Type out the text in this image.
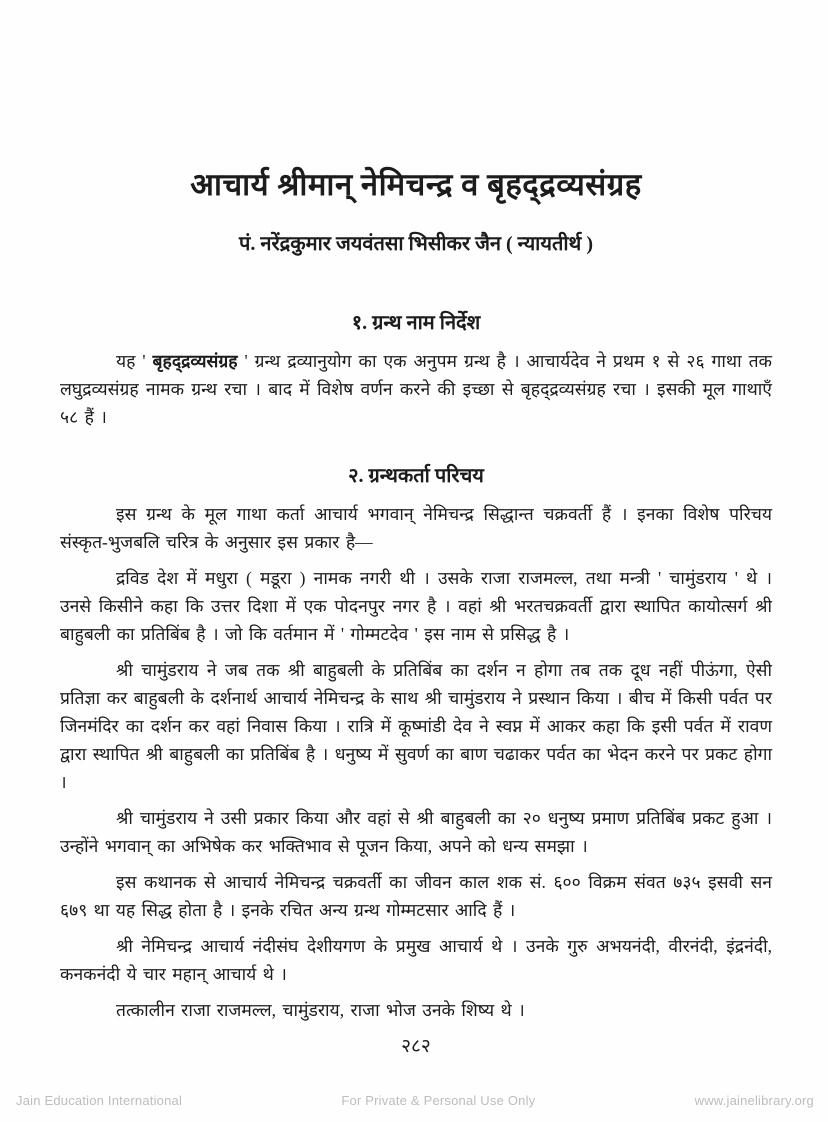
आचार्य श्रीमान् नेमिचन्द्र व बृहद्द्रव्यसंग्रह
पं. नरेंद्रकुमार जयवंतसा भिसीकर जैन ( न्यायतीर्थ )
१. ग्रन्थ नाम निर्देश

यह ' बृहद्द्रव्यसंग्रह ' ग्रन्थ द्रव्यानुयोग का एक अनुपम ग्रन्थ है । आचार्यदेव ने प्रथम १ से २६ गाथा तक लघुद्रव्यसंग्रह नामक ग्रन्थ रचा । बाद में विशेष वर्णन करने की इच्छा से बृहद्द्रव्यसंग्रह रचा । इसकी मूल गाथाएँ ५८ हैं ।

२. ग्रन्थकर्ता परिचय

इस ग्रन्थ के मूल गाथा कर्ता आचार्य भगवान् नेमिचन्द्र सिद्धान्त चक्रवर्ती हैं । इनका विशेष परिचय संस्कृत-भुजबलि चरित्र के अनुसार इस प्रकार है—

द्रविड देश में मधुरा ( मडूरा ) नामक नगरी थी । उसके राजा राजमल्ल, तथा मन्त्री ' चामुंडराय ' थे । उनसे किसीने कहा कि उत्तर दिशा में एक पोदनपुर नगर है । वहां श्री भरतचक्रवर्ती द्वारा स्थापित कायोत्सर्ग श्री बाहुबली का प्रतिबिंब है । जो कि वर्तमान में ' गोम्मटदेव ' इस नाम से प्रसिद्ध है ।

श्री चामुंडराय ने जब तक श्री बाहुबली के प्रतिबिंब का दर्शन न होगा तब तक दूध नहीं पीऊंगा, ऐसी प्रतिज्ञा कर बाहुबली के दर्शनार्थ आचार्य नेमिचन्द्र के साथ श्री चामुंडराय ने प्रस्थान किया । बीच में किसी पर्वत पर जिनमंदिर का दर्शन कर वहां निवास किया । रात्रि में कूष्मांडी देव ने स्वप्न में आकर कहा कि इसी पर्वत में रावण द्वारा स्थापित श्री बाहुबली का प्रतिबिंब है । धनुष्य में सुवर्ण का बाण चढाकर पर्वत का भेदन करने पर प्रकट होगा ।

श्री चामुंडराय ने उसी प्रकार किया और वहां से श्री बाहुबली का २० धनुष्य प्रमाण प्रतिबिंब प्रकट हुआ । उन्होंने भगवान् का अभिषेक कर भक्तिभाव से पूजन किया, अपने को धन्य समझा ।

इस कथानक से आचार्य नेमिचन्द्र चक्रवर्ती का जीवन काल शक सं. ६०० विक्रम संवत ७३५ इसवी सन ६७९ था यह सिद्ध होता है । इनके रचित अन्य ग्रन्थ गोम्मटसार आदि हैं ।

श्री नेमिचन्द्र आचार्य नंदीसंघ देशीयगण के प्रमुख आचार्य थे । उनके गुरु अभयनंदी, वीरनंदी, इंद्रनंदी, कनकनंदी ये चार महान् आचार्य थे ।

तत्कालीन राजा राजमल्ल, चामुंडराय, राजा भोज उनके शिष्य थे ।

२८२
Jain Education International	For Private & Personal Use Only	www.jainelibrary.org
